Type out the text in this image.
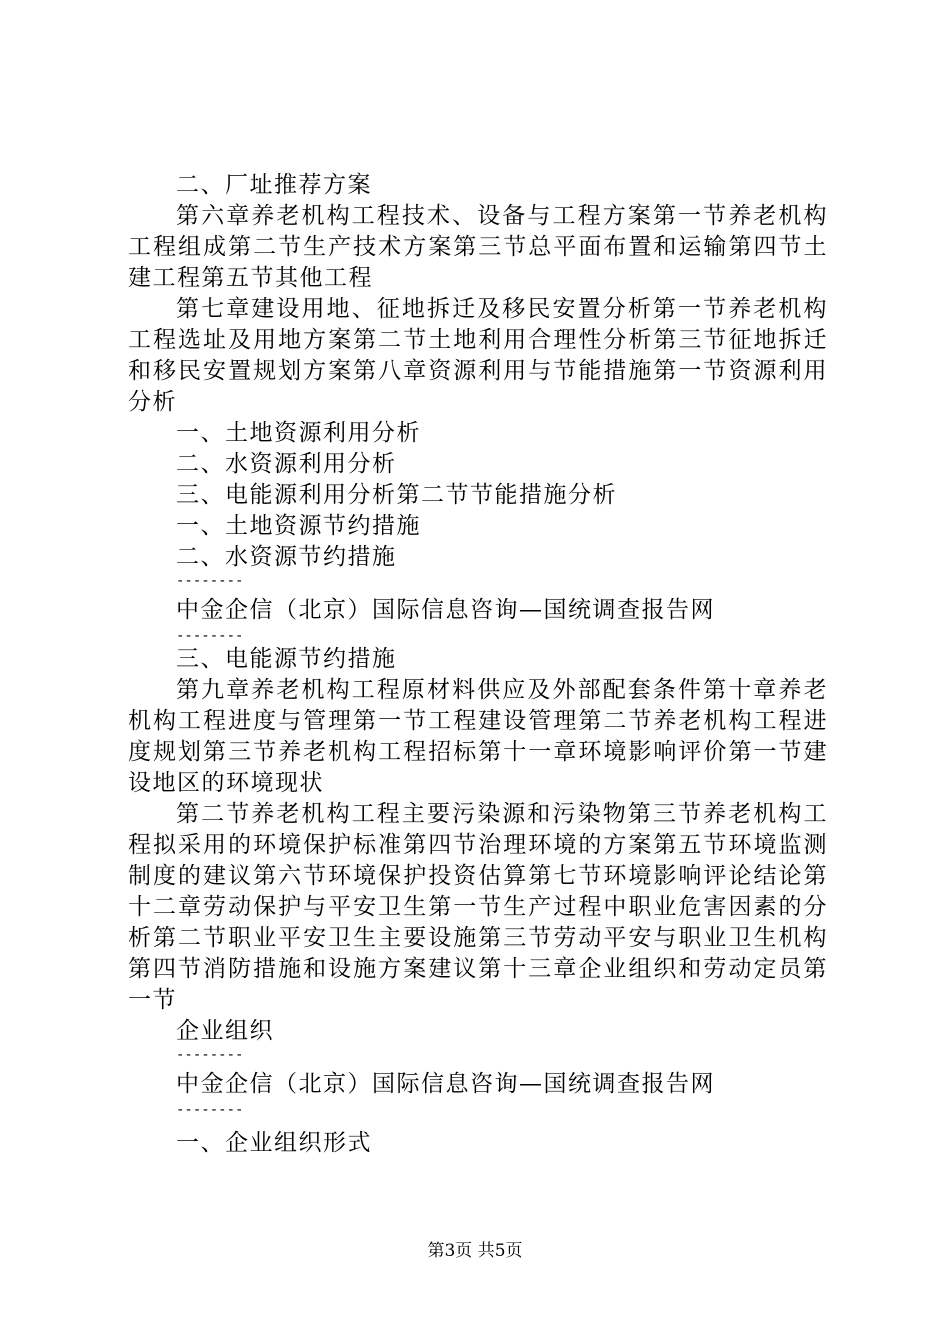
二、厂址推荐方案

第六章养老机构工程技术、设备与工程方案第一节养老机构工程组成第二节生产技术方案第三节总平面布置和运输第四节土建工程第五节其他工程

第七章建设用地、征地拆迁及移民安置分析第一节养老机构工程选址及用地方案第二节土地利用合理性分析第三节征地拆迁和移民安置规划方案第八章资源利用与节能措施第一节资源利用分析

一、土地资源利用分析

二、水资源利用分析

三、电能源利用分析第二节节能措施分析

一、土地资源节约措施

二、水资源节约措施

--------

中金企信（北京）国际信息咨询—国统调查报告网

--------

三、电能源节约措施

第九章养老机构工程原材料供应及外部配套条件第十章养老机构工程进度与管理第一节工程建设管理第二节养老机构工程进度规划第三节养老机构工程招标第十一章环境影响评价第一节建设地区的环境现状

第二节养老机构工程主要污染源和污染物第三节养老机构工程拟采用的环境保护标准第四节治理环境的方案第五节环境监测制度的建议第六节环境保护投资估算第七节环境影响评论结论第十二章劳动保护与平安卫生第一节生产过程中职业危害因素的分析第二节职业平安卫生主要设施第三节劳动平安与职业卫生机构第四节消防措施和设施方案建议第十三章企业组织和劳动定员第一节

企业组织

--------

中金企信（北京）国际信息咨询—国统调查报告网

--------

一、企业组织形式

第3页 共5页
